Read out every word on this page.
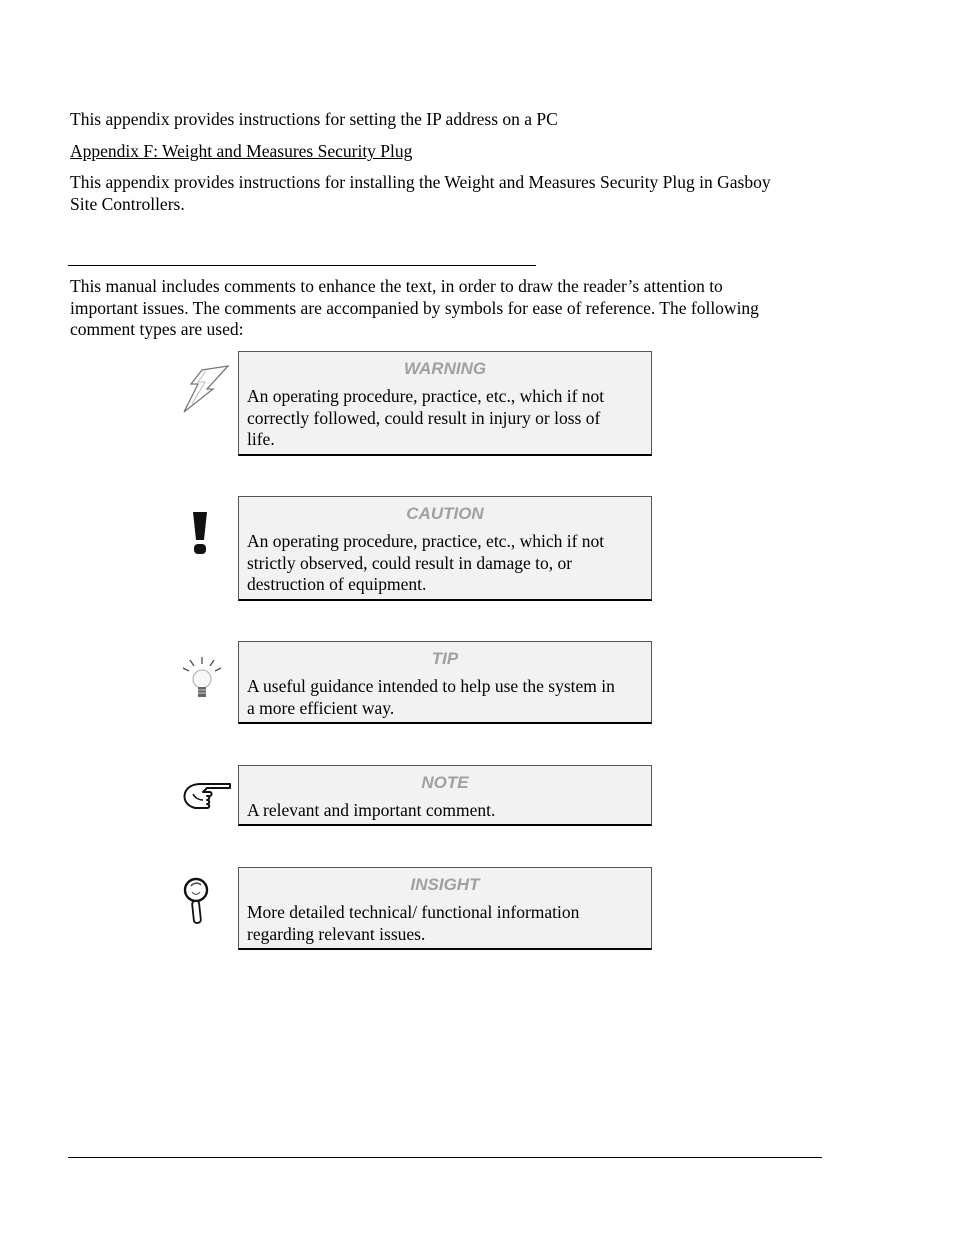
This appendix provides instructions for setting the IP address on a PC

Appendix F: Weight and Measures Security Plug

This appendix provides instructions for installing the Weight and Measures Security Plug in Gasboy
Site Controllers.
This manual includes comments to enhance the text, in order to draw the reader’s attention to
important issues. The comments are accompanied by symbols for ease of reference. The following
comment types are used:
WARNING
An operating procedure, practice, etc., which if not
correctly followed, could result in injury or loss of
life.
CAUTION
An operating procedure, practice, etc., which if not
strictly observed, could result in damage to, or
destruction of equipment.
TIP
A useful guidance intended to help use the system in
a more efficient way.
NOTE
A relevant and important comment.
INSIGHT
More detailed technical/ functional information
regarding relevant issues.
